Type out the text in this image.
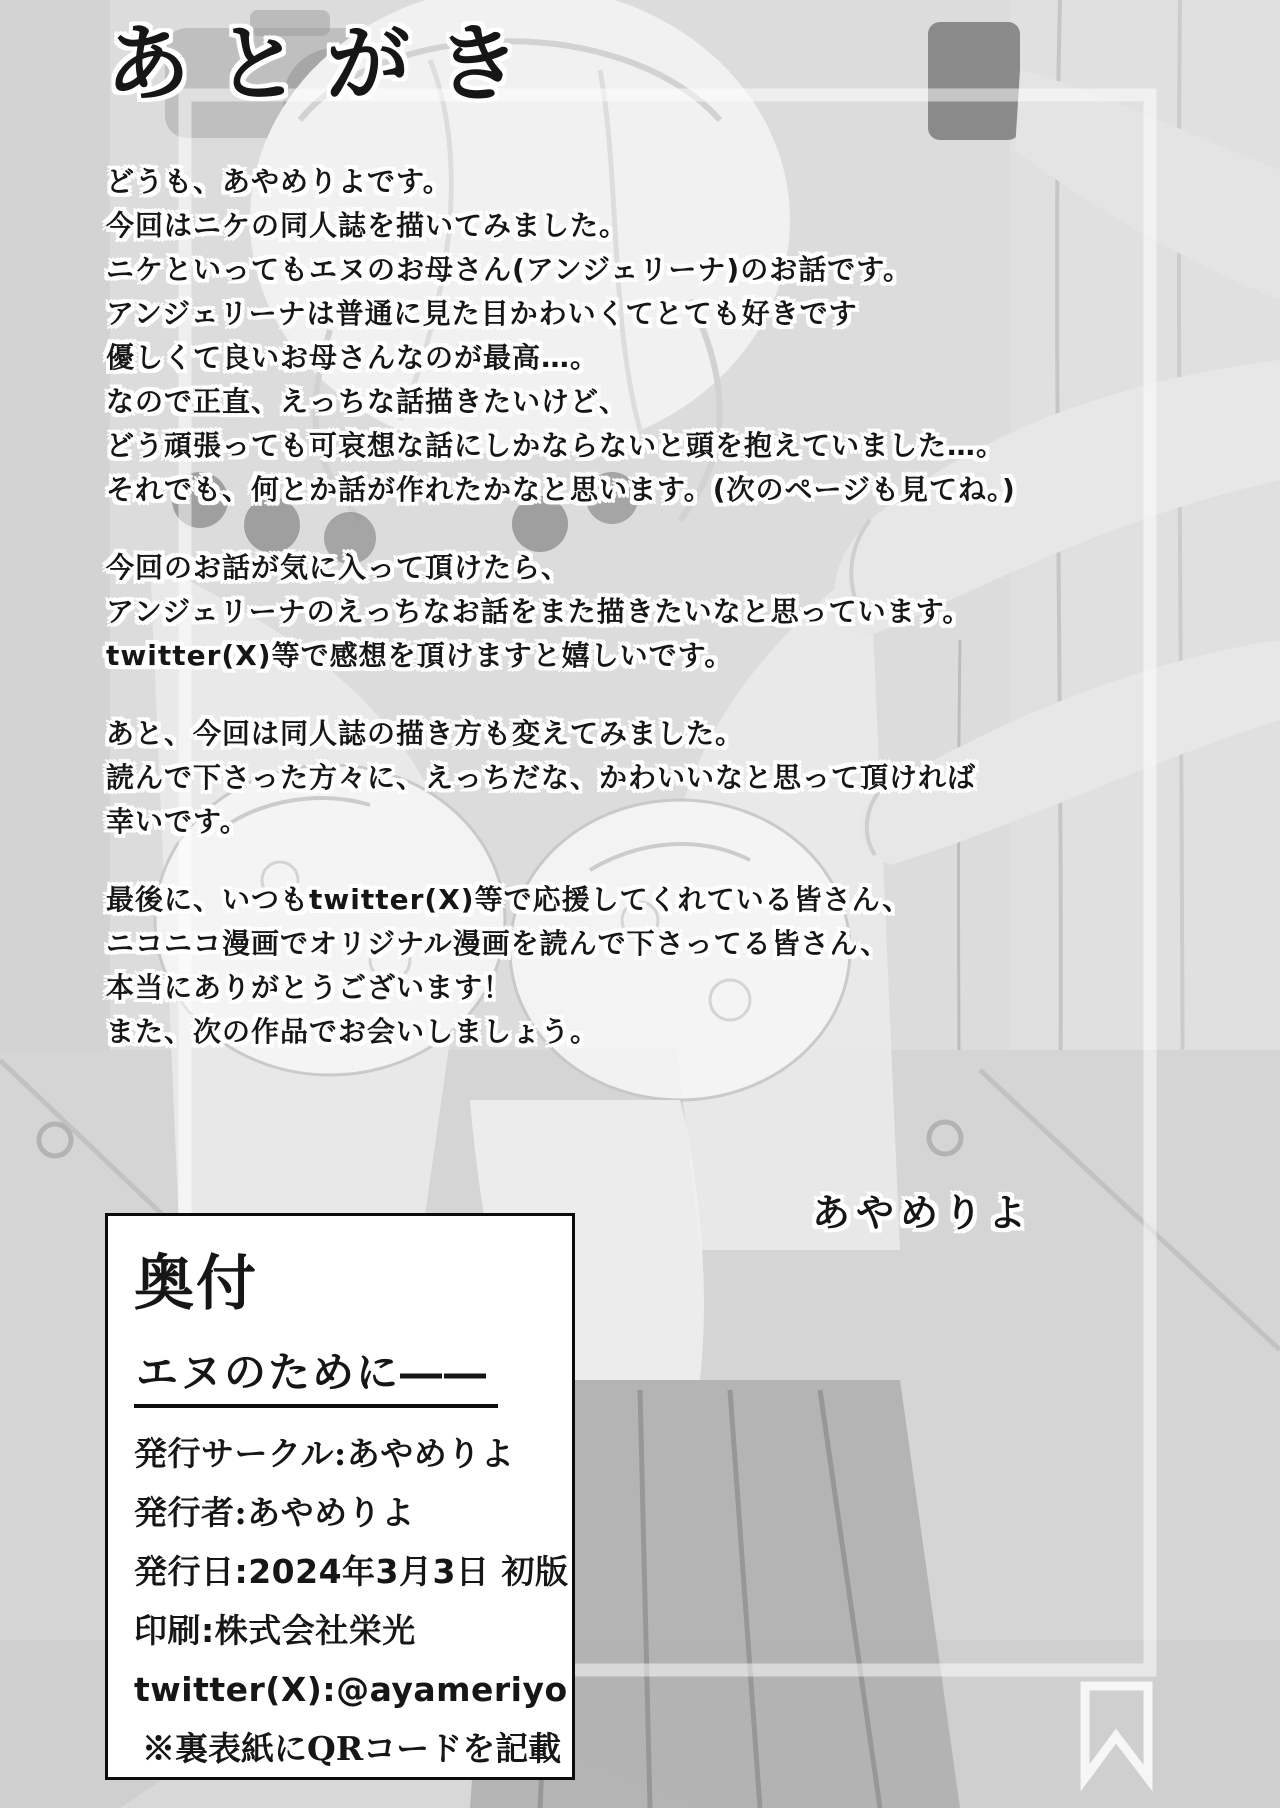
あとがき
どうも、あやめりよです。
今回はニケの同人誌を描いてみました。
ニケといってもエヌのお母さん(アンジェリーナ)のお話です。
アンジェリーナは普通に見た目かわいくてとても好きです
優しくて良いお母さんなのが最高…。
なので正直、えっちな話描きたいけど、
どう頑張っても可哀想な話にしかならないと頭を抱えていました…。
それでも、何とか話が作れたかなと思います。(次のページも見てね。)
今回のお話が気に入って頂けたら、
アンジェリーナのえっちなお話をまた描きたいなと思っています。
twitter(X)等で感想を頂けますと嬉しいです。
あと、今回は同人誌の描き方も変えてみました。
読んで下さった方々に、えっちだな、かわいいなと思って頂ければ
幸いです。
最後に、いつもtwitter(X)等で応援してくれている皆さん、
ニコニコ漫画でオリジナル漫画を読んで下さってる皆さん、
本当にありがとうございます！
また、次の作品でお会いしましょう。
あやめりよ
奥付
エヌのために――
発行サークル:あやめりよ
発行者:あやめりよ
発行日:2024年3月3日 初版
印刷:株式会社栄光
twitter(X):@ayameriyo
※裏表紙にQRコードを記載
